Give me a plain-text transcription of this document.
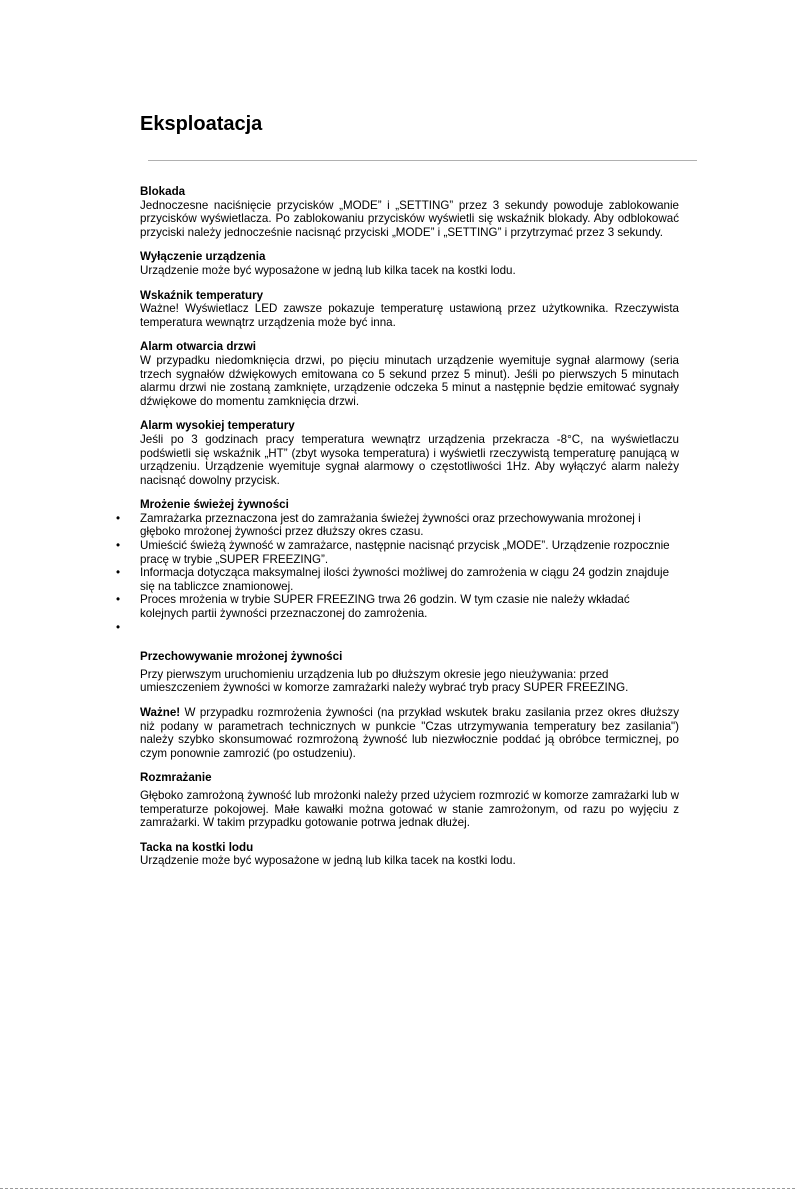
Eksploatacja
Blokada

Jednoczesne naciśnięcie przycisków „MODE” i „SETTING” przez 3 sekundy powoduje zablokowanie przycisków wyświetlacza. Po zablokowaniu przycisków wyświetli się wskaźnik blokady. Aby odblokować przyciski należy jednocześnie nacisnąć przyciski „MODE” i „SETTING” i przytrzymać przez 3 sekundy.

Wyłączenie urządzenia

Urządzenie może być wyposażone w jedną lub kilka tacek na kostki lodu.

Wskaźnik temperatury

Ważne! Wyświetlacz LED zawsze pokazuje temperaturę ustawioną przez użytkownika. Rzeczywista temperatura wewnątrz urządzenia może być inna.

Alarm otwarcia drzwi

W przypadku niedomknięcia drzwi, po pięciu minutach urządzenie wyemituje sygnał alarmowy (seria trzech sygnałów dźwiękowych emitowana co 5 sekund przez 5 minut). Jeśli po pierwszych 5 minutach alarmu drzwi nie zostaną zamknięte, urządzenie odczeka 5 minut a następnie będzie emitować sygnały dźwiękowe do momentu zamknięcia drzwi.

Alarm wysokiej temperatury

Jeśli po 3 godzinach pracy temperatura wewnątrz urządzenia przekracza -8°C, na wyświetlaczu podświetli się wskaźnik „HT” (zbyt wysoka temperatura) i wyświetli rzeczywistą temperaturę panującą w urządzeniu. Urządzenie wyemituje sygnał alarmowy o częstotliwości 1Hz. Aby wyłączyć alarm należy nacisnąć dowolny przycisk.

Mrożenie świeżej żywności
• Zamrażarka przeznaczona jest do zamrażania świeżej żywności oraz przechowywania mrożonej i głęboko mrożonej żywności przez dłuższy okres czasu.
• Umieścić świeżą żywność w zamrażarce, następnie nacisnąć przycisk „MODE”. Urządzenie rozpocznie pracę w trybie „SUPER FREEZING”.
• Informacja dotycząca maksymalnej ilości żywności możliwej do zamrożenia w ciągu 24 godzin znajduje się na tabliczce znamionowej.
• Proces mrożenia w trybie SUPER FREEZING trwa 26 godzin. W tym czasie nie należy wkładać kolejnych partii żywności przeznaczonej do zamrożenia.
•
Przechowywanie mrożonej żywności

Przy pierwszym uruchomieniu urządzenia lub po dłuższym okresie jego nieużywania: przed umieszczeniem żywności w komorze zamrażarki należy wybrać tryb pracy SUPER FREEZING.

Ważne! W przypadku rozmrożenia żywności (na przykład wskutek braku zasilania przez okres dłuższy niż podany w parametrach technicznych w punkcie "Czas utrzymywania temperatury bez zasilania") należy szybko skonsumować rozmrożoną żywność lub niezwłocznie poddać ją obróbce termicznej, po czym ponownie zamrozić (po ostudzeniu).

Rozmrażanie

Głęboko zamrożoną żywność lub mrożonki należy przed użyciem rozmrozić w komorze zamrażarki lub w temperaturze pokojowej. Małe kawałki można gotować w stanie zamrożonym, od razu po wyjęciu z zamrażarki. W takim przypadku gotowanie potrwa jednak dłużej.

Tacka na kostki lodu

Urządzenie może być wyposażone w jedną lub kilka tacek na kostki lodu.
